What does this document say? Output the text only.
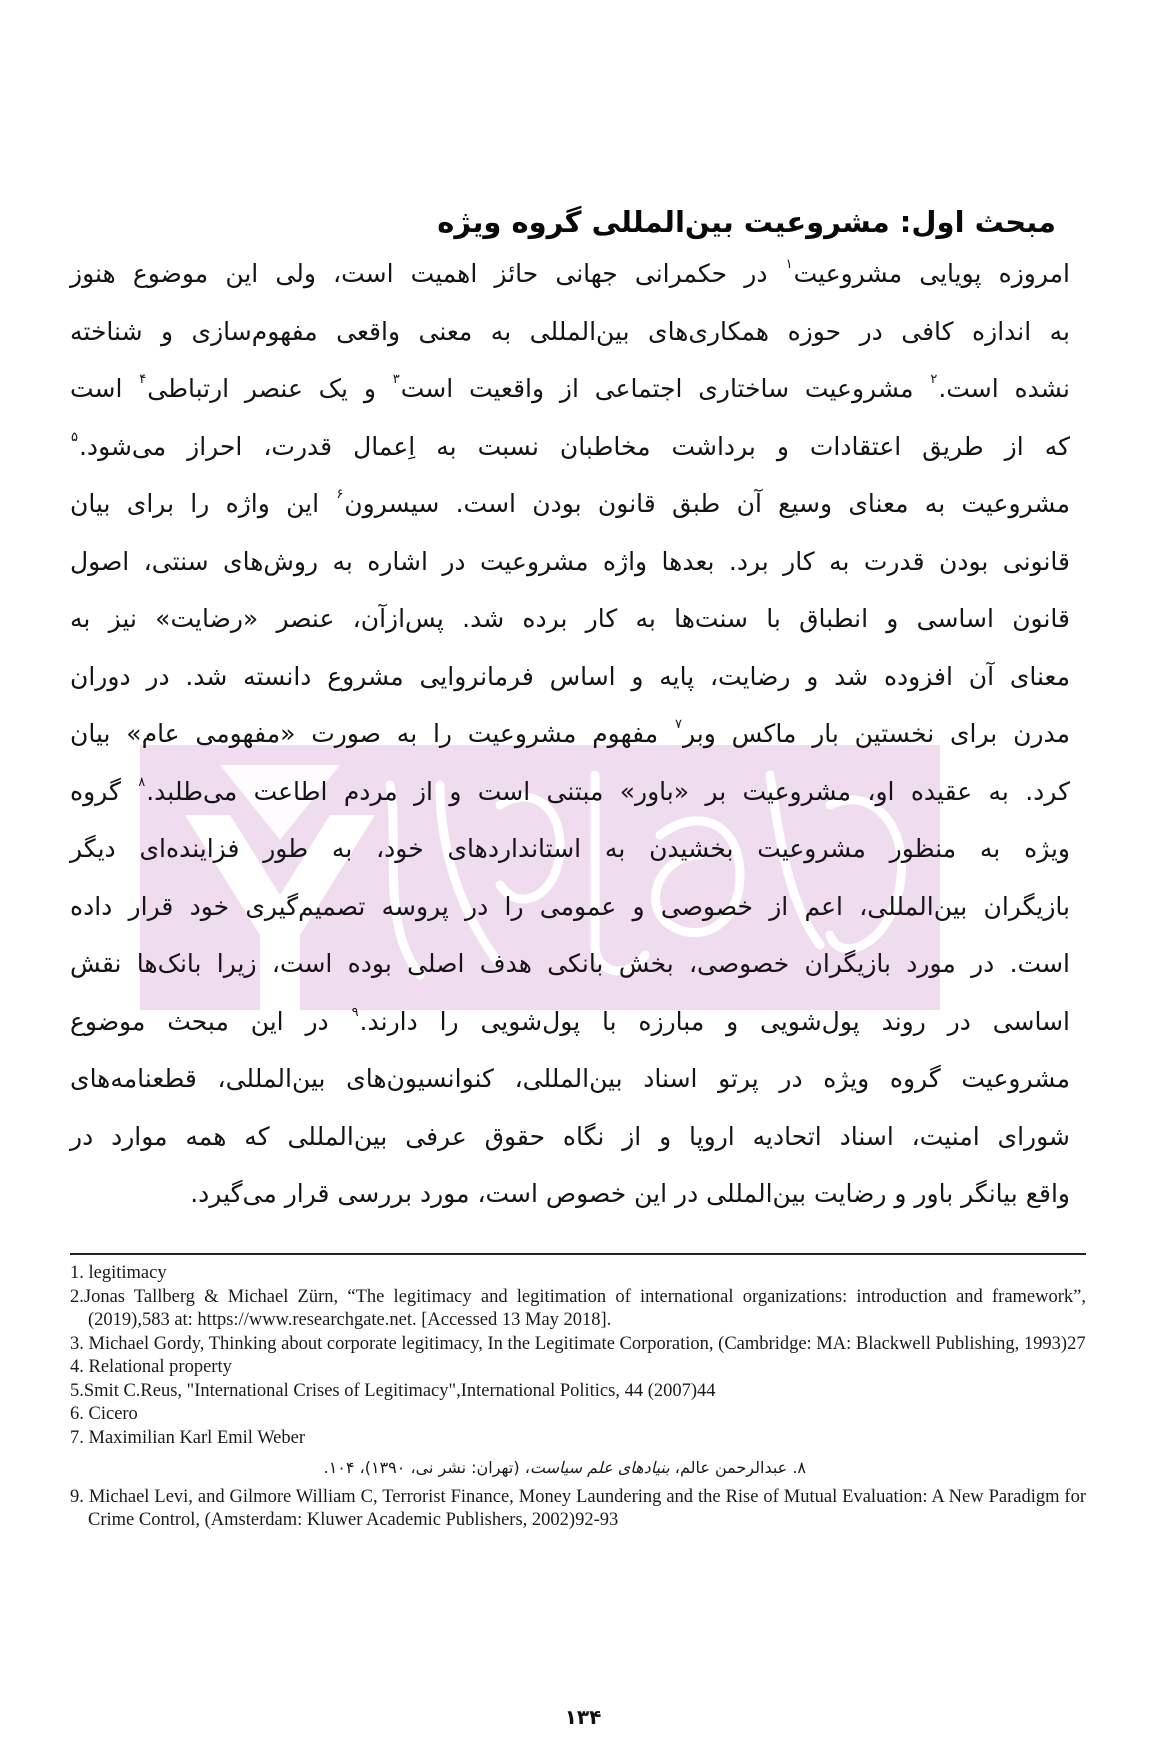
مبحث اول: مشروعیت بین‌المللی گروه ویژه
امروزه پویایی مشروعیت$^۱$ در حکمرانی جهانی حائز اهمیت است، ولی این موضوع هنوز
به اندازه کافی در حوزه همکاری‌های بین‌المللی به معنی واقعی مفهوم‌سازی و شناخته
نشده است.$^۲$ مشروعیت ساختاری اجتماعی از واقعیت است$^۳$ و یک عنصر ارتباطی$^۴$ است
که از طریق اعتقادات و برداشت مخاطبان نسبت به اِعمال قدرت، احراز می‌شود.$^۵$
مشروعیت به معنای وسیع آن طبق قانون بودن است. سیسرون$^۶$ این واژه را برای بیان
قانونی بودن قدرت به کار برد. بعدها واژه مشروعیت در اشاره به روش‌های سنتی، اصول
قانون اساسی و انطباق با سنت‌ها به کار برده شد. پس‌ازآن، عنصر «رضایت» نیز به
معنای آن افزوده شد و رضایت، پایه و اساس فرمانروایی مشروع دانسته شد. در دوران
مدرن برای نخستین بار ماکس وبر$^۷$ مفهوم مشروعیت را به صورت «مفهومی عام» بیان
کرد. به عقیده او، مشروعیت بر «باور» مبتنی است و از مردم اطاعت می‌طلبد.$^۸$ گروه
ویژه به منظور مشروعیت بخشیدن به استانداردهای خود، به طور فزاینده‌ای دیگر
بازیگران بین‌المللی، اعم از خصوصی و عمومی را در پروسه تصمیم‌گیری خود قرار داده
است. در مورد بازیگران خصوصی، بخش بانکی هدف اصلی بوده است، زیرا بانک‌ها نقش
اساسی در روند پول‌شویی و مبارزه با پول‌شویی را دارند.$^۹$ در این مبحث موضوع
مشروعیت گروه ویژه در پرتو اسناد بین‌المللی، کنوانسیون‌های بین‌المللی، قطعنامه‌های
شورای امنیت، اسناد اتحادیه اروپا و از نگاه حقوق عرفی بین‌المللی که همه موارد در
واقع بیانگر باور و رضایت بین‌المللی در این خصوص است، مورد بررسی قرار می‌گیرد.
1. legitimacy
2.Jonas Tallberg & Michael Zürn, “The legitimacy and legitimation of international organizations: introduction and framework”, (2019),583 at: https://www.researchgate.net. [Accessed 13 May 2018].
3. Michael Gordy, Thinking about corporate legitimacy, In the Legitimate Corporation, (Cambridge: MA: Blackwell Publishing, 1993)27
4. Relational property
5.Smit C.Reus, "International Crises of Legitimacy",International Politics, 44 (2007)44
6. Cicero
7. Maximilian Karl Emil Weber
۸. عبدالرحمن عالم، بنیادهای علم سیاست، (تهران: نشر نی، ۱۳۹۰)، ۱۰۴.
9. Michael Levi, and Gilmore William C, Terrorist Finance, Money Laundering and the Rise of Mutual Evaluation: A New Paradigm for Crime Control, (Amsterdam: Kluwer Academic Publishers, 2002)92-93
۱۳۴
